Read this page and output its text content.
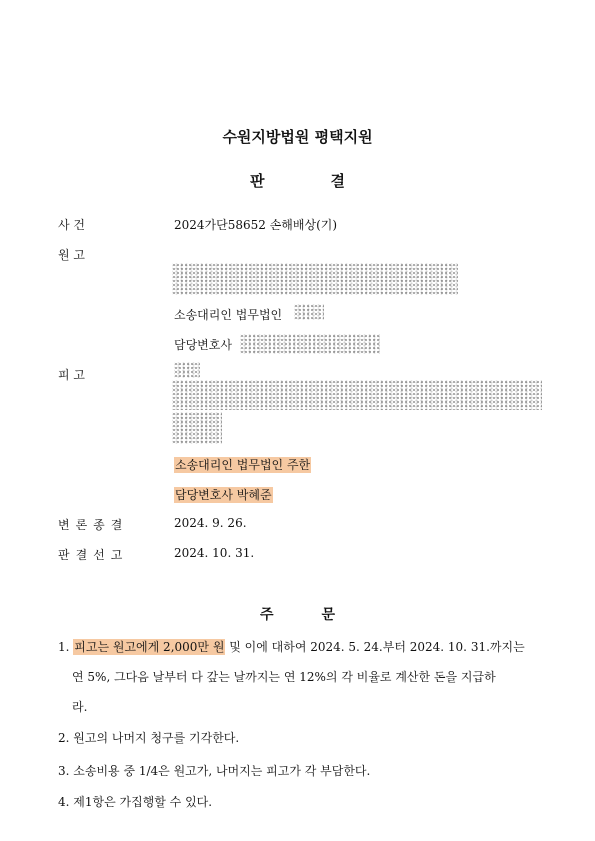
수원지방법원 평택지원
판	결
사 건	2024가단58652 손해배상(기)
원 고
소송대리인 법무법인
담당변호사
피 고
소송대리인 법무법인 주한
담당변호사 박혜준
변론종결	2024. 9. 26.
판결선고	2024. 10. 31.
주	문
1. 피고는 원고에게 2,000만 원 및 이에 대하여 2024. 5. 24.부터 2024. 10. 31.까지는
연 5%, 그다음 날부터 다 갚는 날까지는 연 12%의 각 비율로 계산한 돈을 지급하
라.
2. 원고의 나머지 청구를 기각한다.
3. 소송비용 중 1/4은 원고가, 나머지는 피고가 각 부담한다.
4. 제1항은 가집행할 수 있다.
